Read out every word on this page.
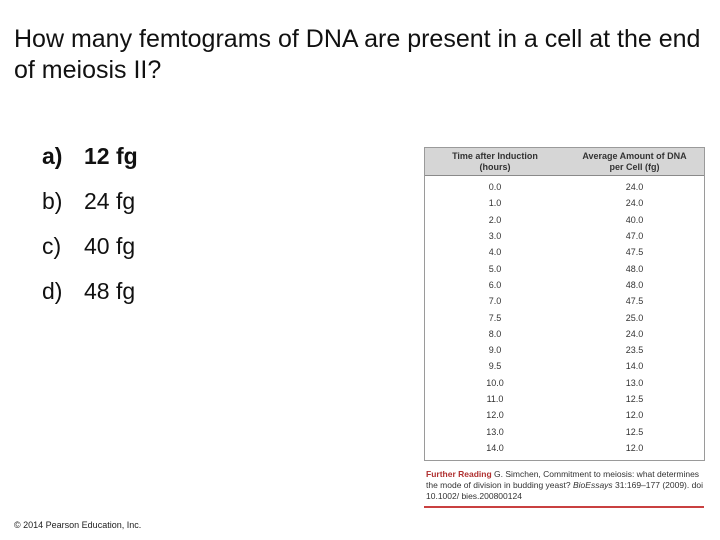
How many femtograms of DNA are present in a cell at the end of meiosis II?
a) 12 fg
b) 24 fg
c) 40 fg
d) 48 fg
Time after Induction
(hours)
Average Amount of DNA
per Cell (fg)
0.0	24.0
1.0	24.0
2.0	40.0
3.0	47.0
4.0	47.5
5.0	48.0
6.0	48.0
7.0	47.5
7.5	25.0
8.0	24.0
9.0	23.5
9.5	14.0
10.0	13.0
11.0	12.5
12.0	12.0
13.0	12.5
14.0	12.0
Further Reading G. Simchen, Commitment to meiosis: what determines the mode of division in budding yeast? BioEssays 31:169–177 (2009). doi 10.1002/ bies.200800124
© 2014 Pearson Education, Inc.
